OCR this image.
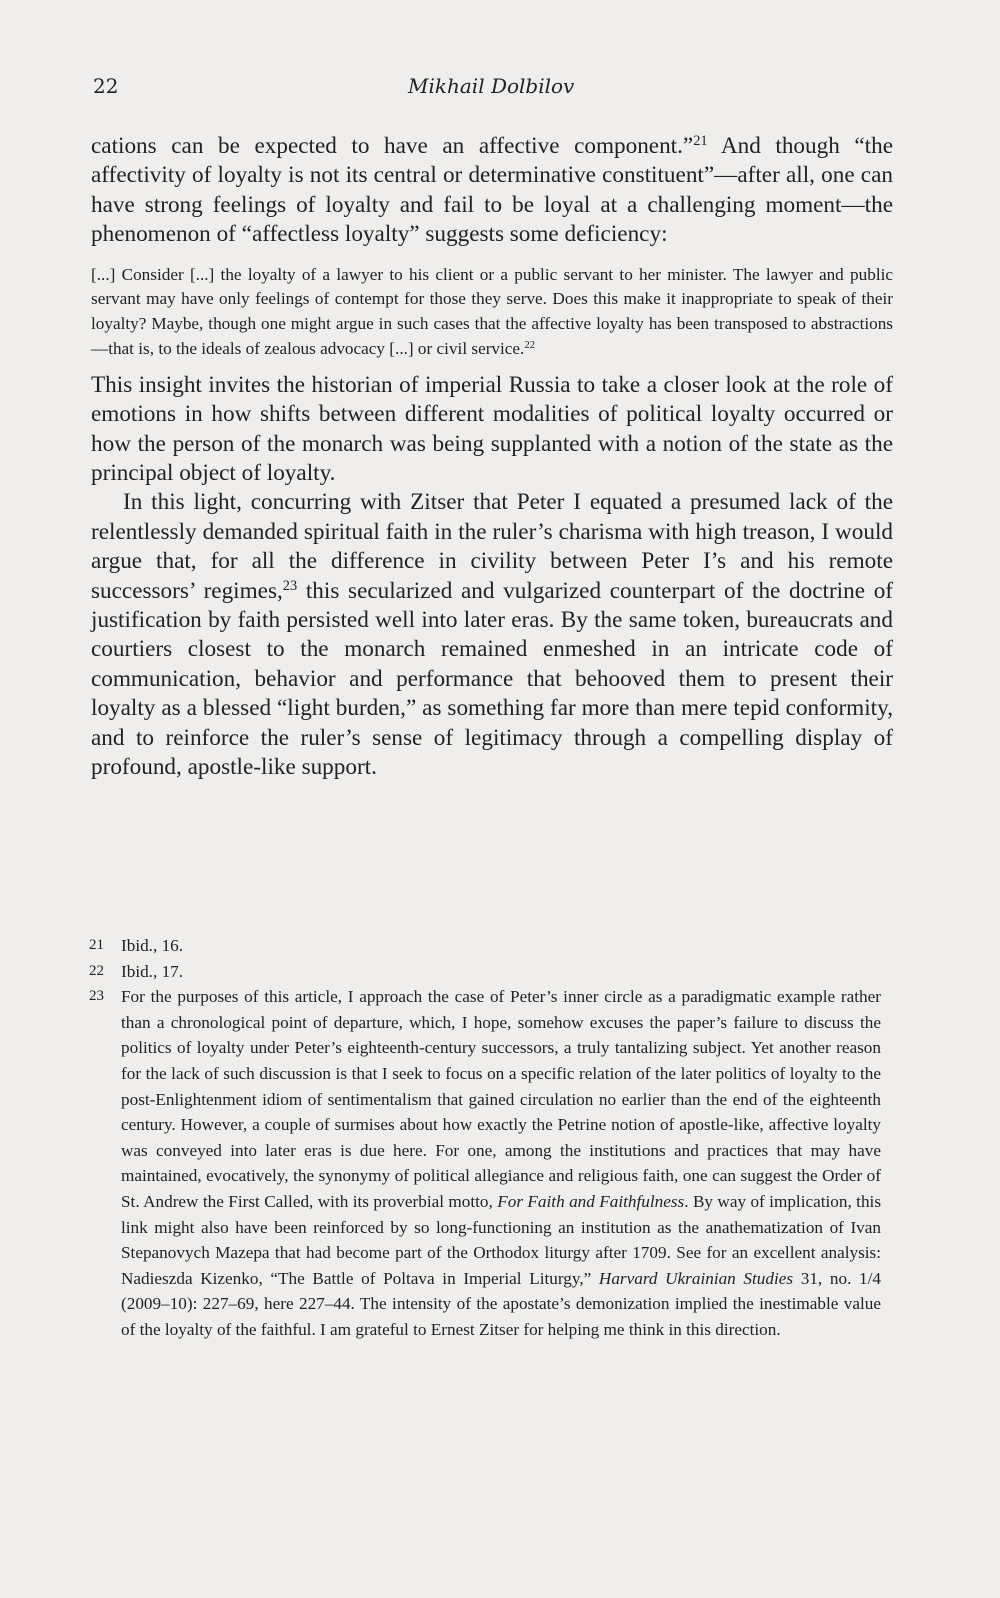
22	Mikhail Dolbilov

cations can be expected to have an affective component.”$^{21}$ And though “the affectivity of loyalty is not its central or determinative constituent”—after all, one can have strong feelings of loyalty and fail to be loyal at a challenging moment—the phenomenon of “affectless loyalty” suggests some deficiency:

[...] Consider [...] the loyalty of a lawyer to his client or a public servant to her minister. The lawyer and public servant may have only feelings of contempt for those they serve. Does this make it inappropriate to speak of their loyalty? Maybe, though one might argue in such cases that the affective loyalty has been transposed to abstractions—that is, to the ideals of zealous advocacy [...] or civil service.$^{22}$

This insight invites the historian of imperial Russia to take a closer look at the role of emotions in how shifts between different modalities of political loyalty occurred or how the person of the monarch was being supplanted with a notion of the state as the principal object of loyalty.

In this light, concurring with Zitser that Peter I equated a presumed lack of the relentlessly demanded spiritual faith in the ruler’s charisma with high treason, I would argue that, for all the difference in civility between Peter I’s and his remote successors’ regimes,$^{23}$ this secularized and vulgarized counterpart of the doctrine of justification by faith persisted well into later eras. By the same token, bureaucrats and courtiers closest to the monarch remained enmeshed in an intricate code of communication, behavior and performance that behooved them to present their loyalty as a blessed “light burden,” as something far more than mere tepid conformity, and to reinforce the ruler’s sense of legitimacy through a compelling display of profound, apostle-like support.

21 Ibid., 16.
22 Ibid., 17.
23 For the purposes of this article, I approach the case of Peter’s inner circle as a paradigmatic example rather than a chronological point of departure, which, I hope, somehow excuses the paper’s failure to discuss the politics of loyalty under Peter’s eighteenth-century successors, a truly tantalizing subject. Yet another reason for the lack of such discussion is that I seek to focus on a specific relation of the later politics of loyalty to the post-Enlightenment idiom of sentimentalism that gained circulation no earlier than the end of the eighteenth century. However, a couple of surmises about how exactly the Petrine notion of apostle-like, affective loyalty was conveyed into later eras is due here. For one, among the institutions and practices that may have maintained, evocatively, the synonymy of political allegiance and religious faith, one can suggest the Order of St. Andrew the First Called, with its proverbial motto, For Faith and Faithfulness. By way of implication, this link might also have been reinforced by so long-functioning an institution as the anathematization of Ivan Stepanovych Mazepa that had become part of the Orthodox liturgy after 1709. See for an excellent analysis: Nadieszda Kizenko, “The Battle of Poltava in Imperial Liturgy,” Harvard Ukrainian Studies 31, no. 1/4 (2009–10): 227–69, here 227–44. The intensity of the apostate’s demonization implied the inestimable value of the loyalty of the faithful. I am grateful to Ernest Zitser for helping me think in this direction.
